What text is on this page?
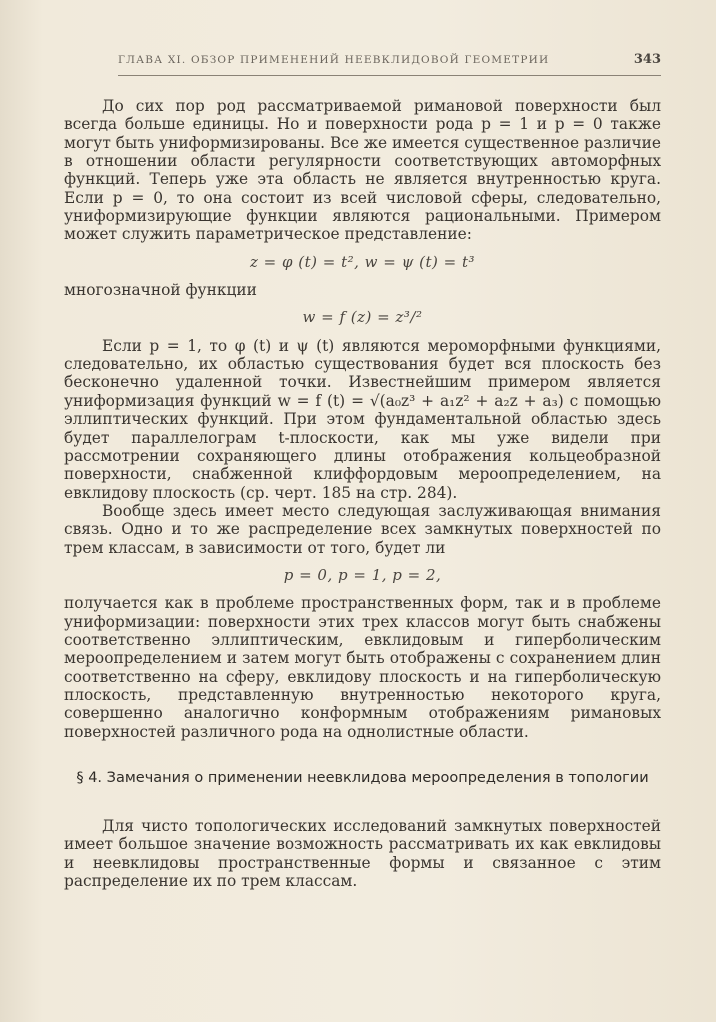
ГЛАВА XI. ОБЗОР ПРИМЕНЕНИЙ НЕЕВКЛИДОВОЙ ГЕОМЕТРИИ	343

До сих пор род рассматриваемой римановой поверхности был всегда больше единицы. Но и поверхности рода p = 1 и p = 0 также могут быть униформизированы. Все же имеется существенное различие в отношении области регулярности соответствующих автоморфных функций. Теперь уже эта область не является внутренностью круга. Если p = 0, то она состоит из всей числовой сферы, следовательно, униформизирующие функции являются рациональными. Примером может служить параметрическое представление:

z = φ (t) = t², w = ψ (t) = t³

многозначной функции

w = f (z) = z³/²

Если p = 1, то φ (t) и ψ (t) являются мероморфными функциями, следовательно, их областью существования будет вся плоскость без бесконечно удаленной точки. Известнейшим примером является униформизация функций w = f (t) = √(a₀z³ + a₁z² + a₂z + a₃) с помощью эллиптических функций. При этом фундаментальной областью здесь будет параллелограм t-плоскости, как мы уже видели при рассмотрении сохраняющего длины отображения кольцеобразной поверхности, снабженной клиффордовым мероопределением, на евклидову плоскость (ср. черт. 185 на стр. 284).

Вообще здесь имеет место следующая заслуживающая внимания связь. Одно и то же распределение всех замкнутых поверхностей по трем классам, в зависимости от того, будет ли

p = 0, p = 1, p = 2,

получается как в проблеме пространственных форм, так и в проблеме униформизации: поверхности этих трех классов могут быть снабжены соответственно эллиптическим, евклидовым и гиперболическим мероопределением и затем могут быть отображены с сохранением длин соответственно на сферу, евклидову плоскость и на гиперболическую плоскость, представленную внутренностью некоторого круга, совершенно аналогично конформным отображениям римановых поверхностей различного рода на однолистные области.

§ 4. Замечания о применении неевклидова мероопределения в топологии

Для чисто топологических исследований замкнутых поверхностей имеет большое значение возможность рассматривать их как евклидовы и неевклидовы пространственные формы и связанное с этим распределение их по трем классам.
